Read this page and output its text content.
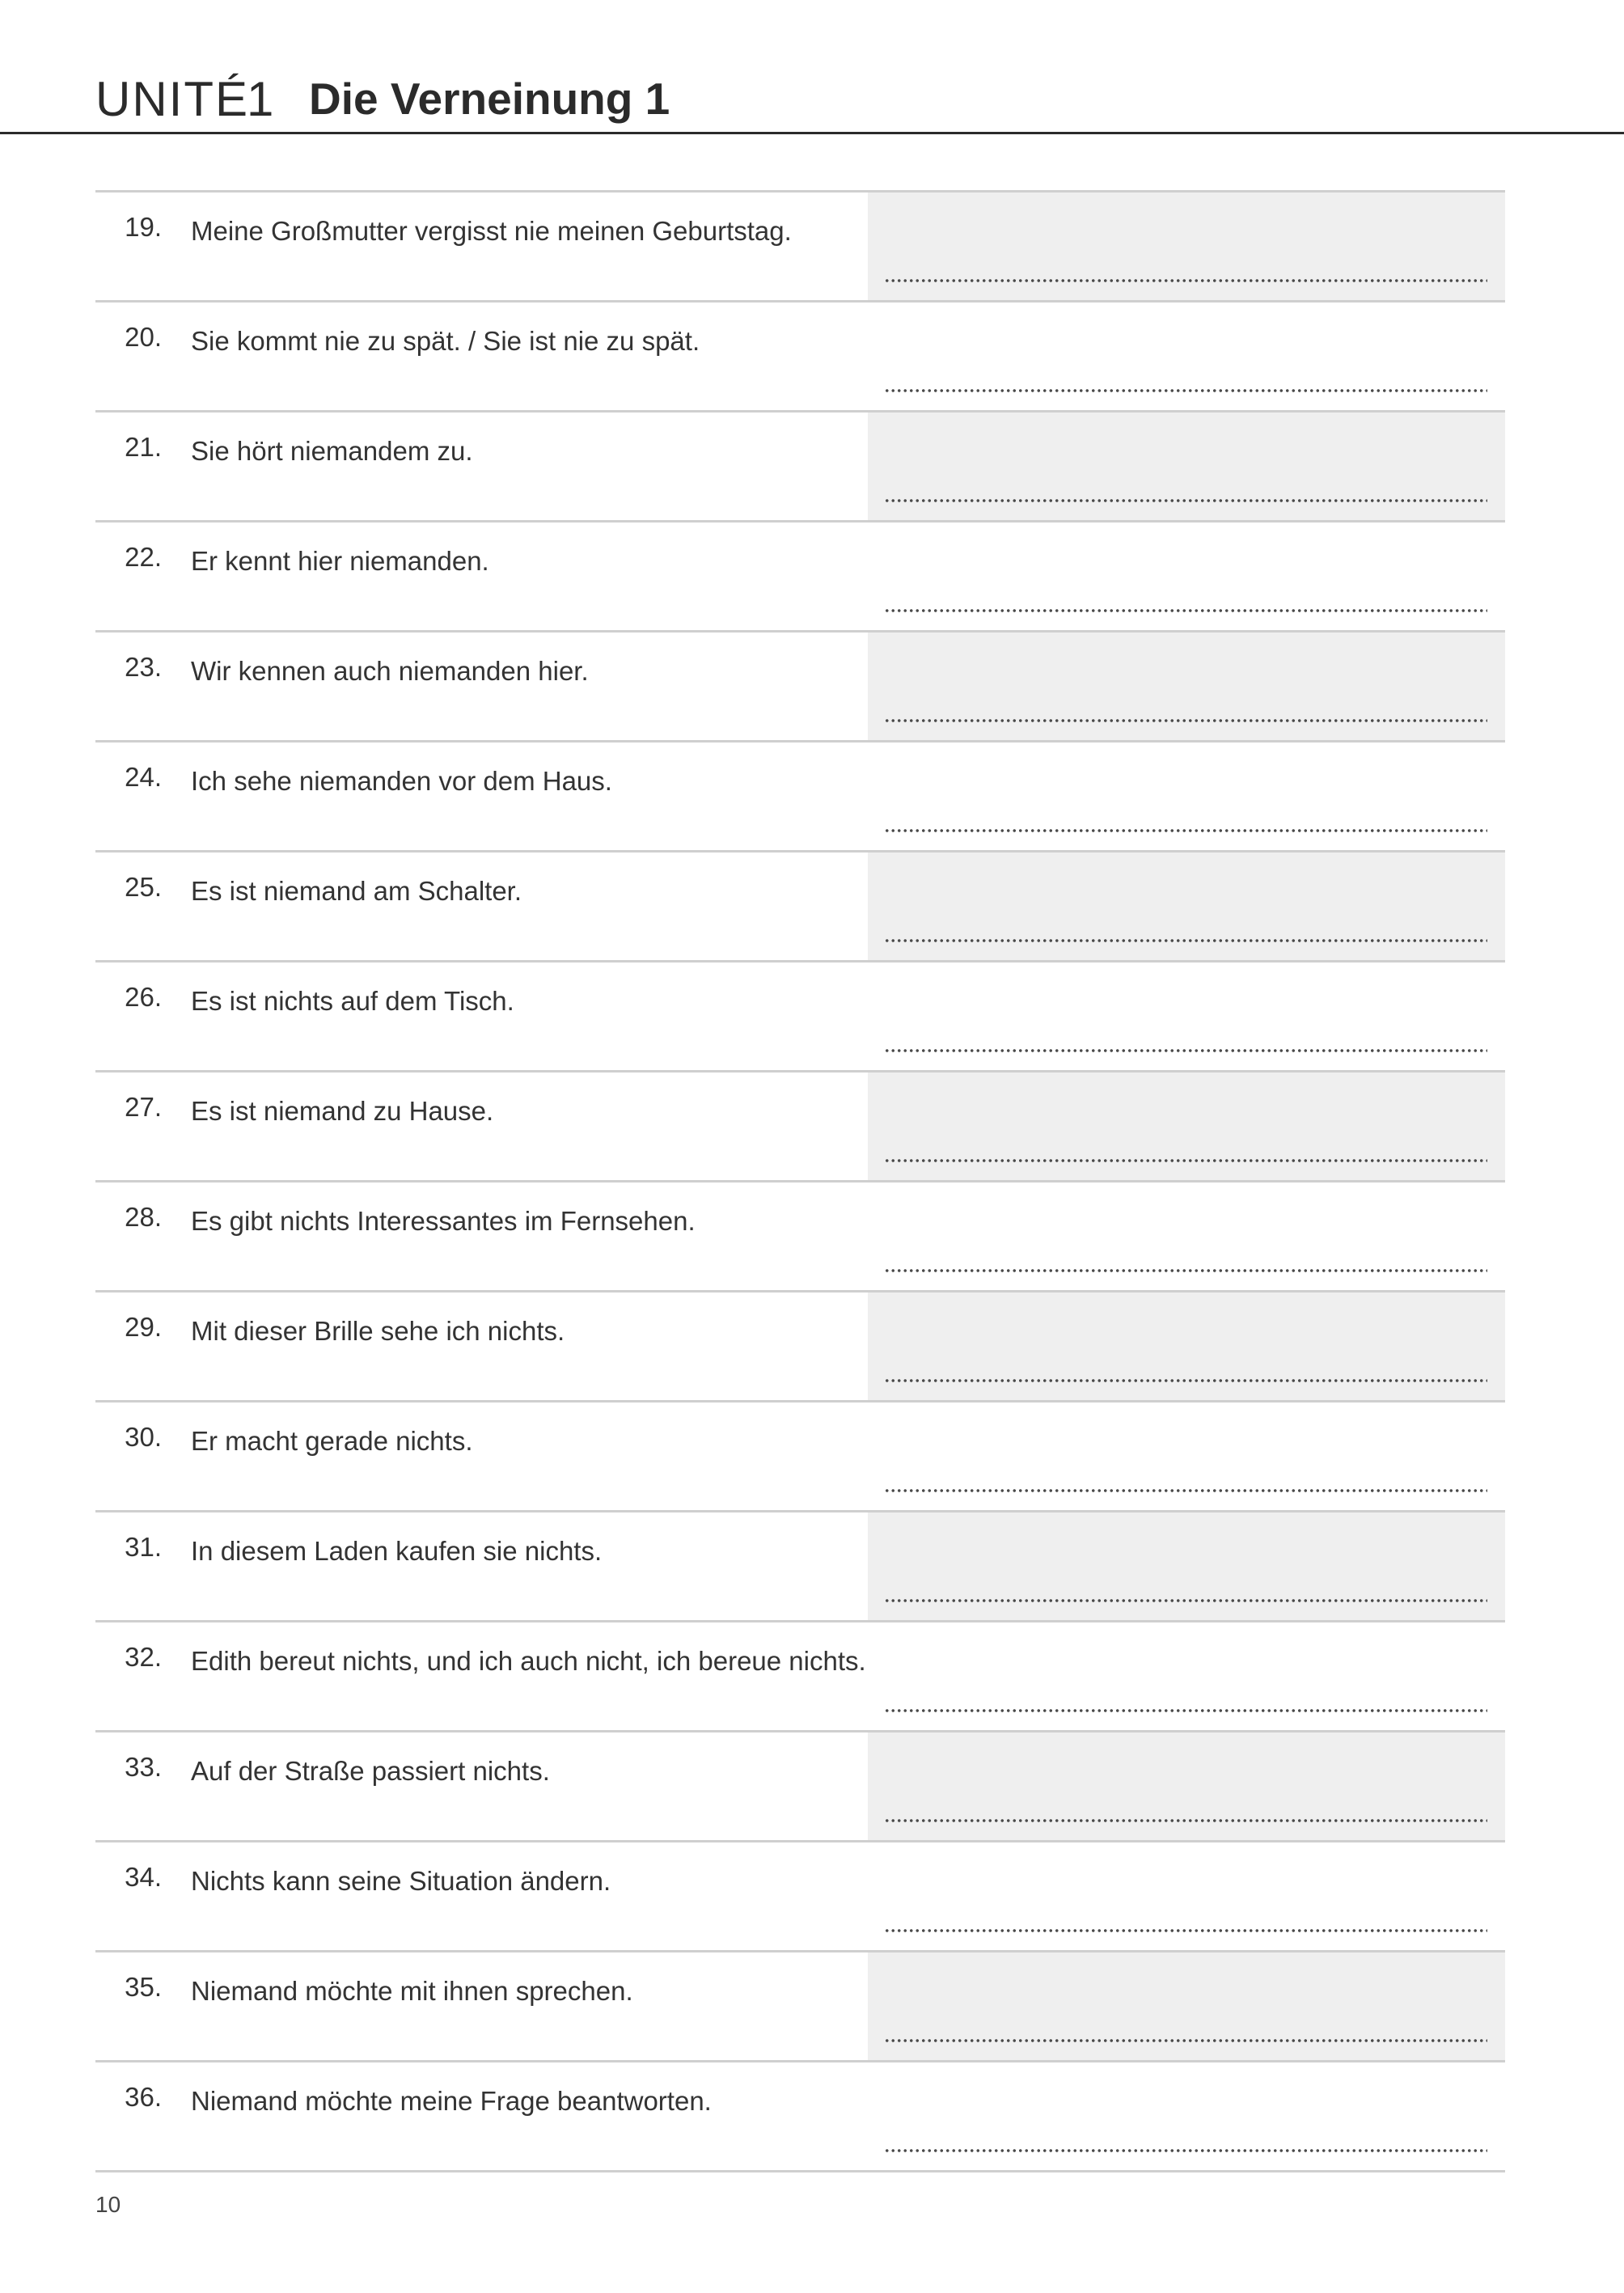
UNITÉ
1 Die Verneinung 1
19. Meine Großmutter vergisst nie meinen Geburtstag.
20. Sie kommt nie zu spät. / Sie ist nie zu spät.
21. Sie hört niemandem zu.
22. Er kennt hier niemanden.
23. Wir kennen auch niemanden hier.
24. Ich sehe niemanden vor dem Haus.
25. Es ist niemand am Schalter.
26. Es ist nichts auf dem Tisch.
27. Es ist niemand zu Hause.
28. Es gibt nichts Interessantes im Fernsehen.
29. Mit dieser Brille sehe ich nichts.
30. Er macht gerade nichts.
31. In diesem Laden kaufen sie nichts.
32. Edith bereut nichts, und ich auch nicht, ich bereue nichts.
33. Auf der Straße passiert nichts.
34. Nichts kann seine Situation ändern.
35. Niemand möchte mit ihnen sprechen.
36. Niemand möchte meine Frage beantworten.
10
